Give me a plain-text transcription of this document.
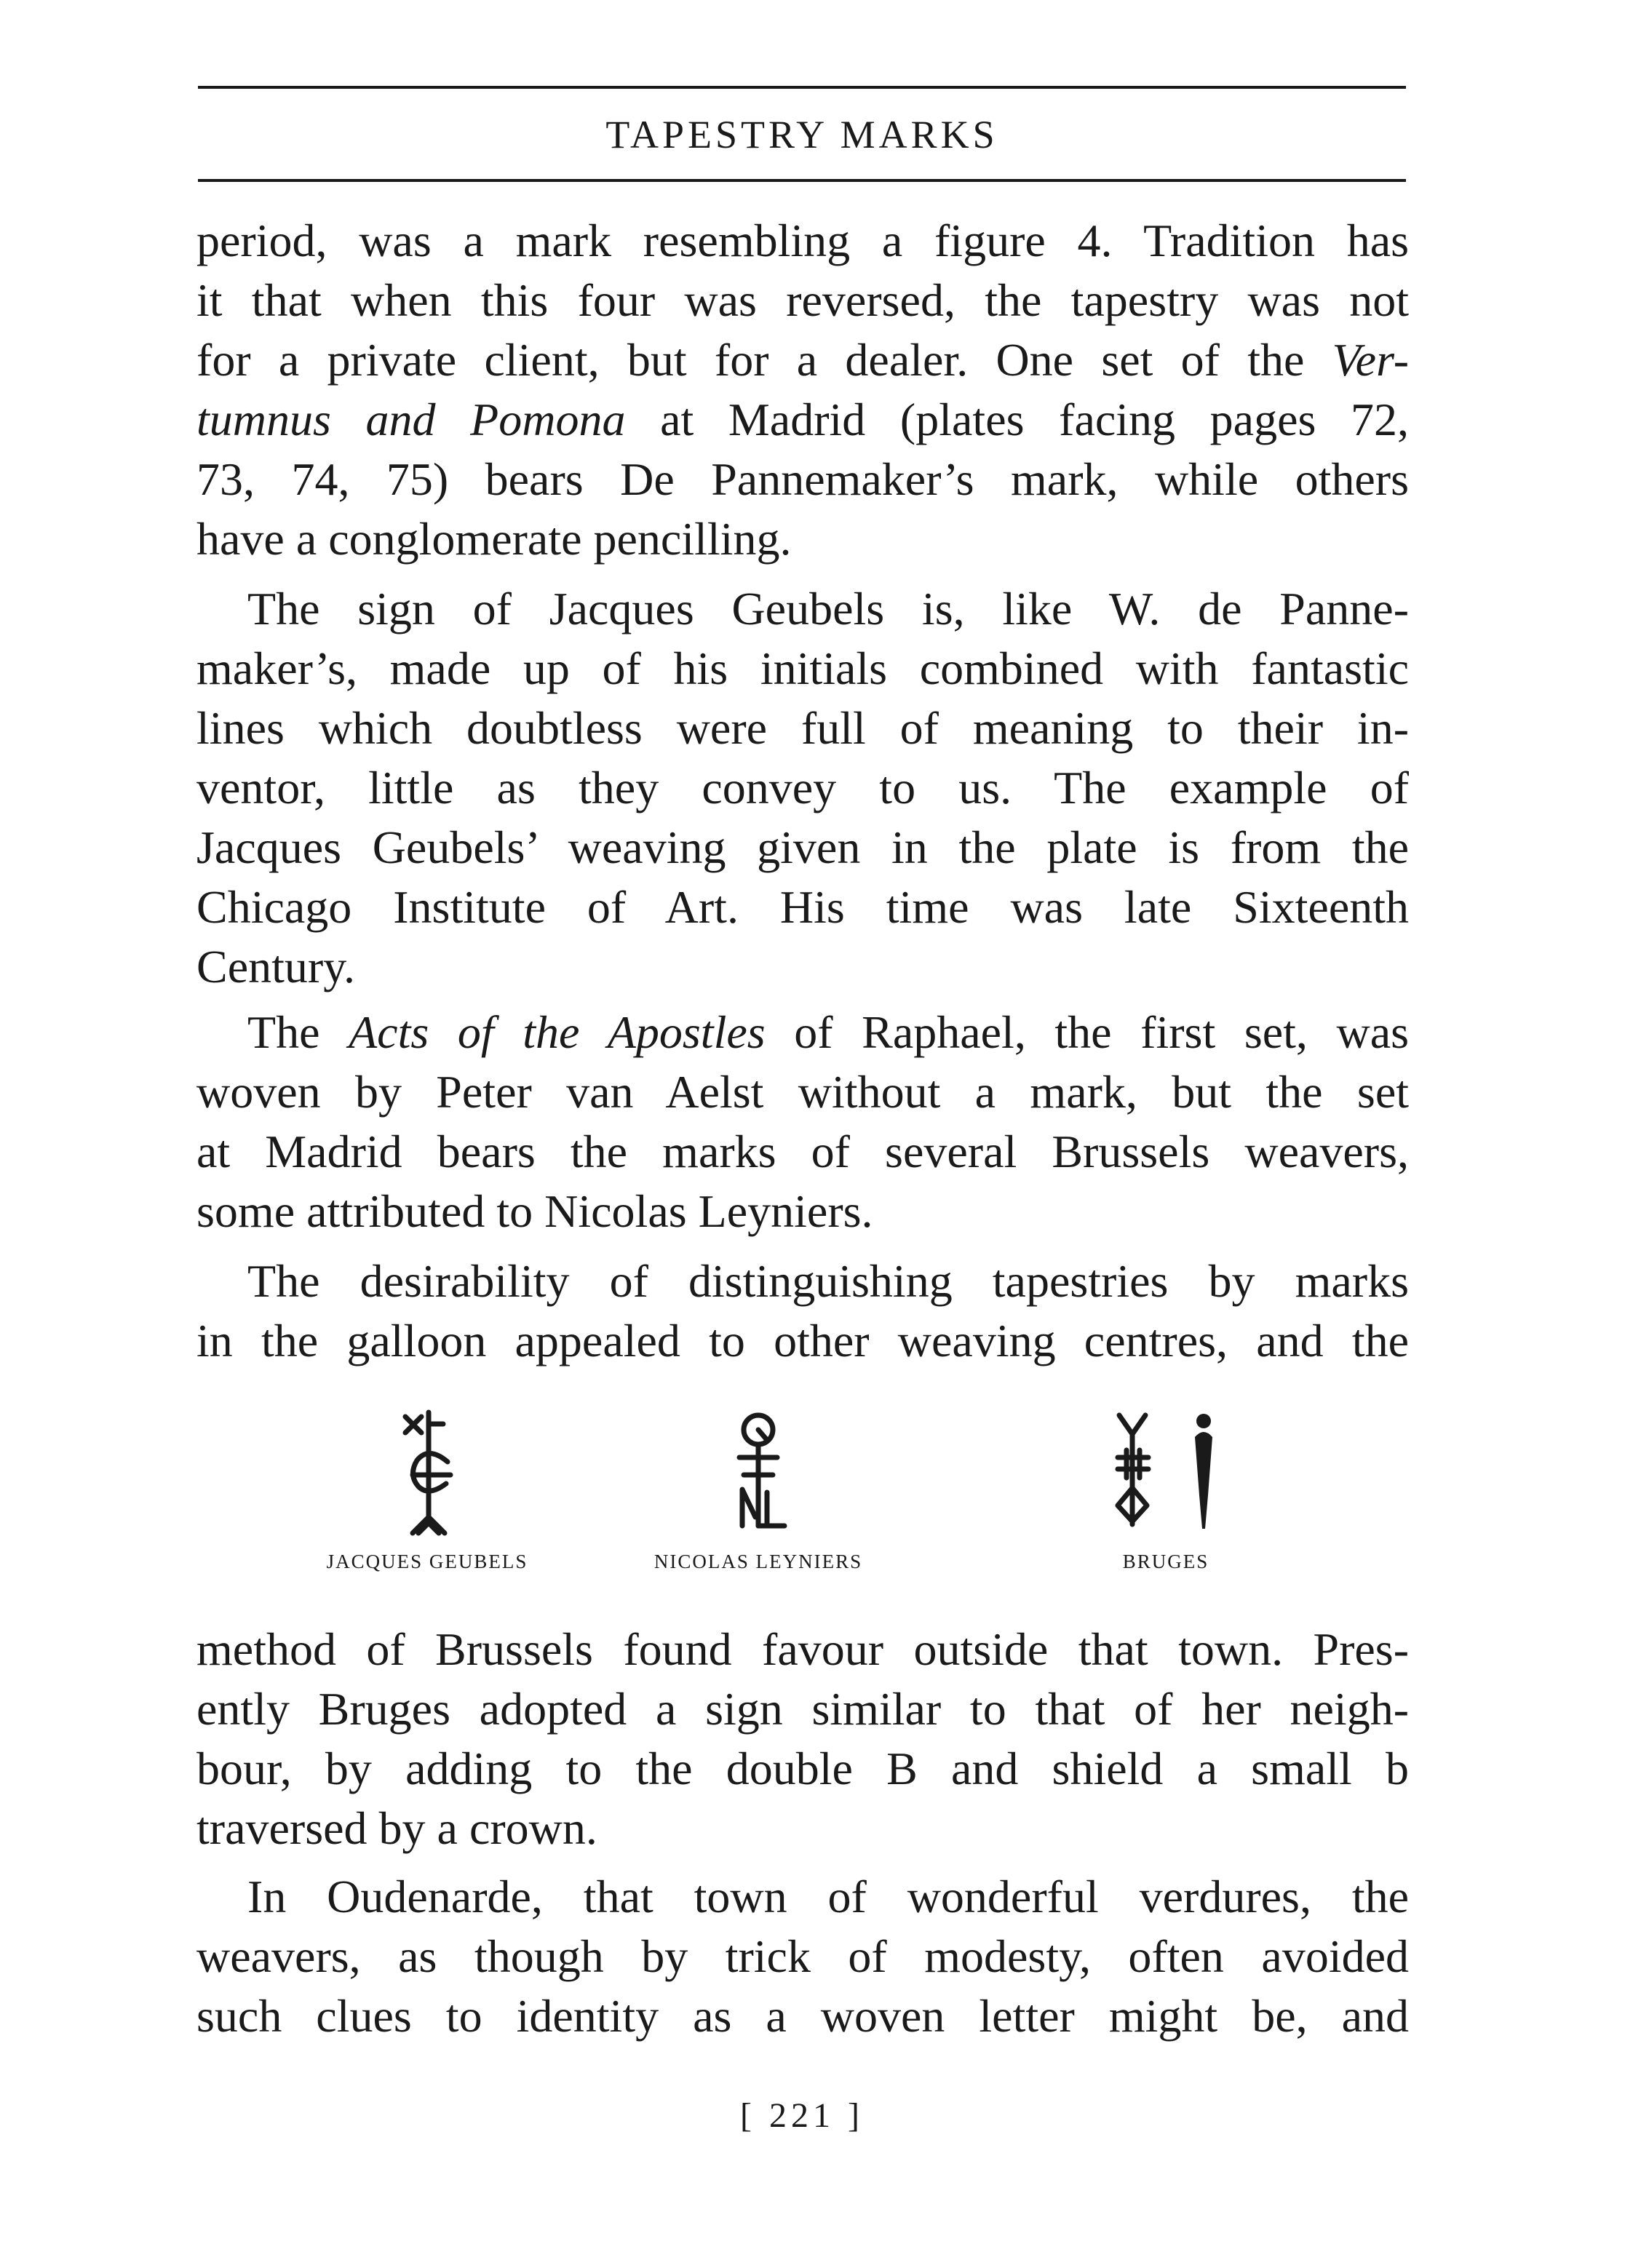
TAPESTRY MARKS
period, was a mark resembling a figure 4. Tradition has
it that when this four was reversed, the tapestry was not
for a private client, but for a dealer. One set of the Ver-
tumnus and Pomona at Madrid (plates facing pages 72,
73, 74, 75) bears De Pannemaker’s mark, while others
have a conglomerate pencilling.
The sign of Jacques Geubels is, like W. de Panne-
maker’s, made up of his initials combined with fantastic
lines which doubtless were full of meaning to their in-
ventor, little as they convey to us. The example of
Jacques Geubels’ weaving given in the plate is from the
Chicago Institute of Art. His time was late Sixteenth
Century.
The Acts of the Apostles of Raphael, the first set, was
woven by Peter van Aelst without a mark, but the set
at Madrid bears the marks of several Brussels weavers,
some attributed to Nicolas Leyniers.
The desirability of distinguishing tapestries by marks
in the galloon appealed to other weaving centres, and the
JACQUES GEUBELS	NICOLAS LEYNIERS	BRUGES
method of Brussels found favour outside that town. Pres-
ently Bruges adopted a sign similar to that of her neigh-
bour, by adding to the double B and shield a small b
traversed by a crown.
In Oudenarde, that town of wonderful verdures, the
weavers, as though by trick of modesty, often avoided
such clues to identity as a woven letter might be, and
[ 221 ]
